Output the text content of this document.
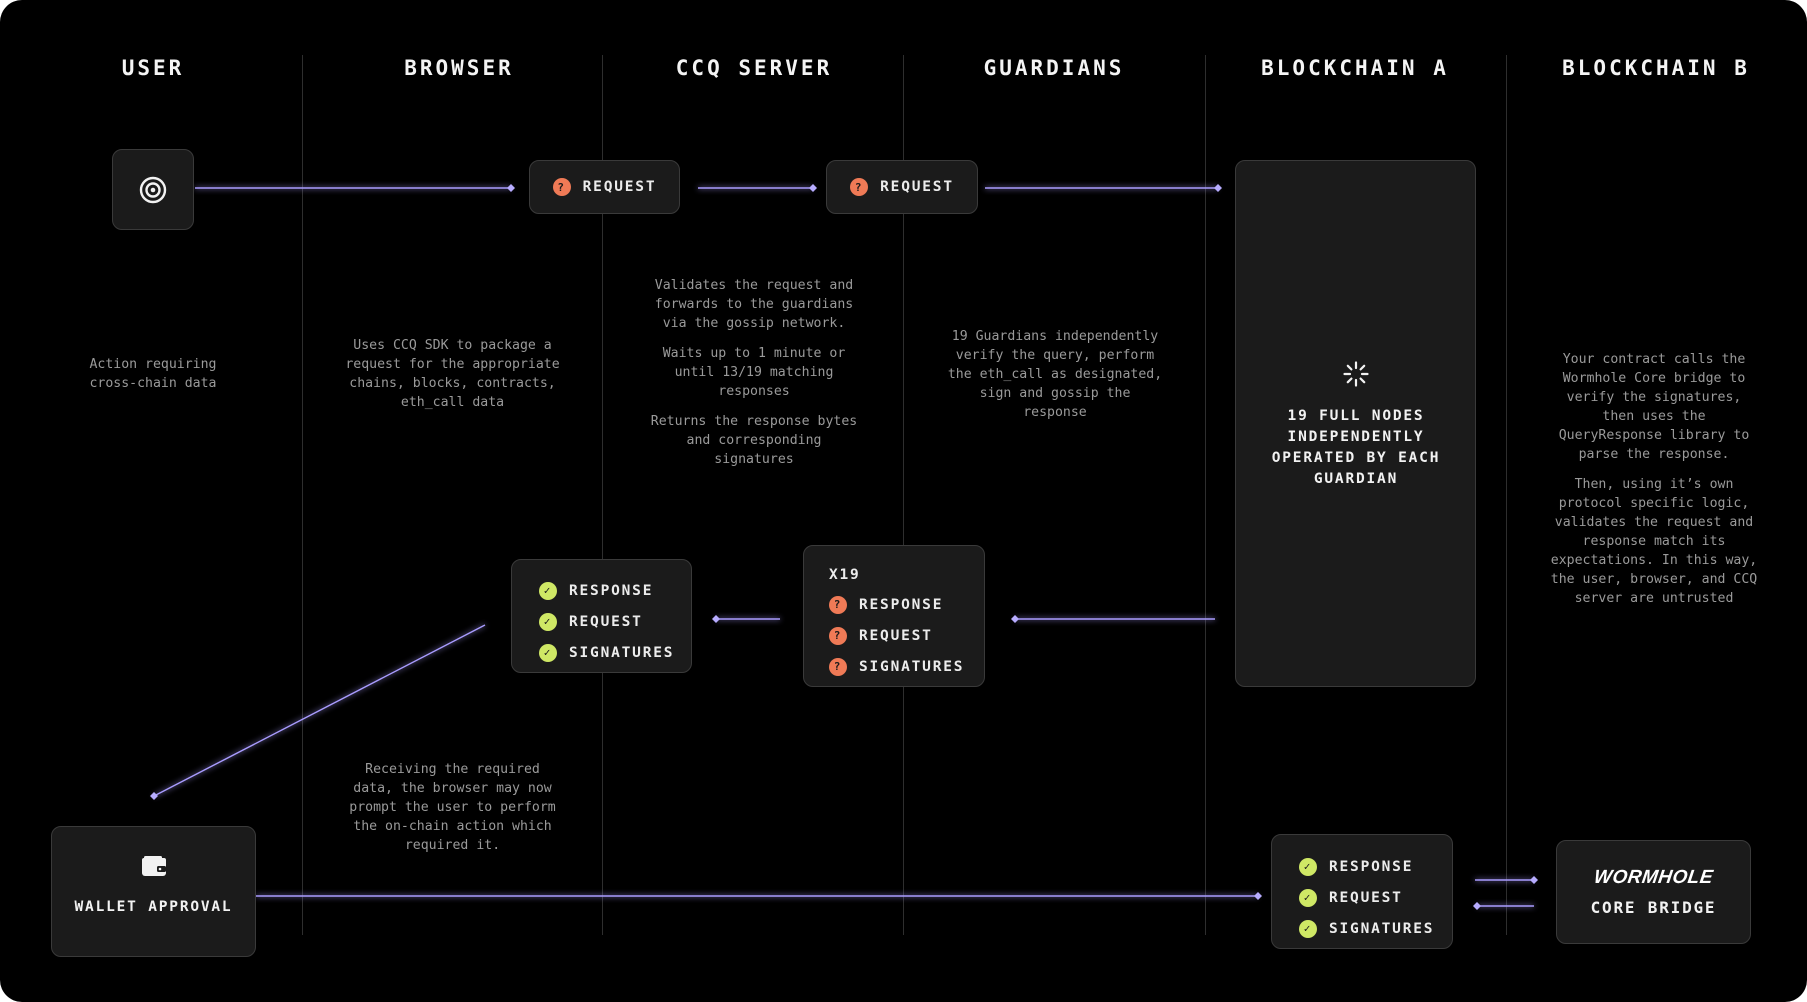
USER	BROWSER	CCQ SERVER	GUARDIANS	BLOCKCHAIN A	BLOCKCHAIN B
Action requiring cross-chain data
WALLET APPROVAL
?	REQUEST
Uses CCQ SDK to package a request for the appropriate chains, blocks, contracts, eth_call data
✓	RESPONSE
✓	REQUEST
✓	SIGNATURES
Receiving the required data, the browser may now prompt the user to perform the on-chain action which required it.
?	REQUEST

Validates the request and forwards to the guardians via the gossip network.

Waits up to 1 minute or until 13/19 matching responses

Returns the response bytes and corresponding signatures

19 Guardians independently verify the query, perform the eth_call as designated, sign and gossip the response
X19
?	RESPONSE
?	REQUEST
?	SIGNATURES
19 FULL NODES INDEPENDENTLY OPERATED BY EACH GUARDIAN
✓	RESPONSE
✓	REQUEST
✓	SIGNATURES

Your contract calls the Wormhole Core bridge to verify the signatures, then uses the QueryResponse library to parse the response.

Then, using it’s own protocol specific logic, validates the request and response match its expectations. In this way, the user, browser, and CCQ server are untrusted

WORMHOLE
CORE BRIDGE
